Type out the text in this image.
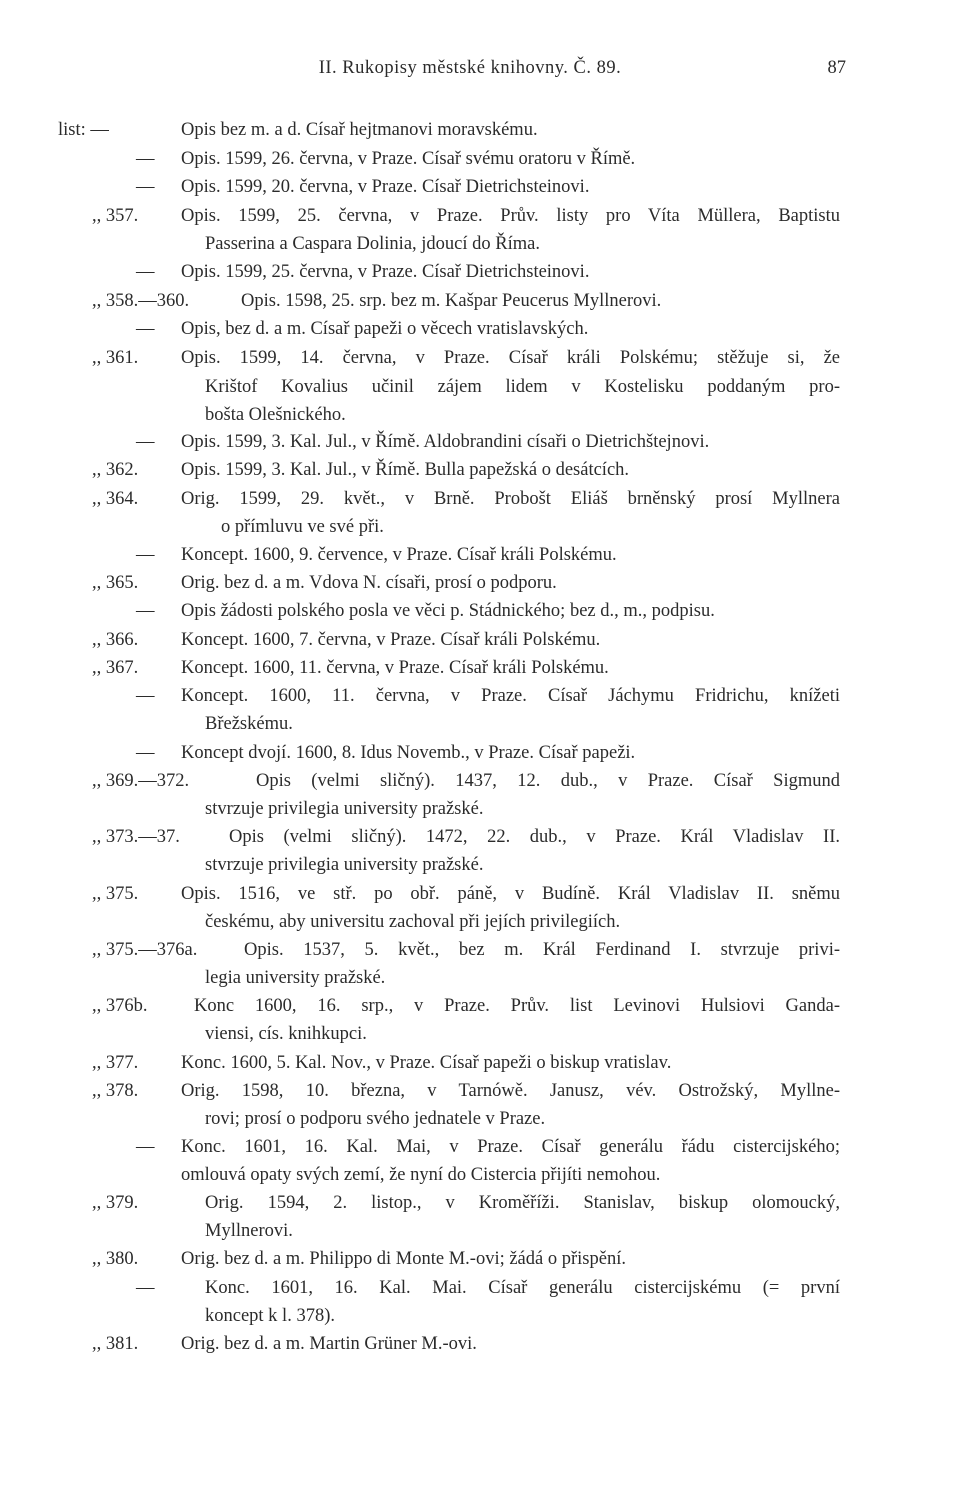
II. Rukopisy městské knihovny. Č. 89.	87
list: —	Opis bez m. a d. Císař hejtmanovi moravskému.
— Opis. 1599, 26. června, v Praze. Císař svému oratoru v Římě.
— Opis. 1599, 20. června, v Praze. Císař Dietrichsteinovi.
,, 357. Opis. 1599, 25. června, v Praze. Prův. listy pro Víta Müllera, Baptistu
Passerina a Caspara Dolinia, jdoucí do Říma.
— Opis. 1599, 25. června, v Praze. Císař Dietrichsteinovi.
,, 358.—360.	Opis. 1598, 25. srp. bez m. Kašpar Peucerus Myllnerovi.
— Opis, bez d. a m. Císař papeži o věcech vratislavských.
,, 361. Opis. 1599, 14. června, v Praze. Císař králi Polskému; stěžuje si, že
Krištof Kovalius učinil zájem lidem v Kostelisku poddaným pro-
bošta Olešnického.
— Opis. 1599, 3. Kal. Jul., v Římě. Aldobrandini císaři o Dietrichštejnovi.
,, 362. Opis. 1599, 3. Kal. Jul., v Římě. Bulla papežská o desátcích.
,, 364. Orig. 1599, 29. květ., v Brně. Probošt Eliáš brněnský prosí Myllnera
o přímluvu ve své při.
— Koncept. 1600, 9. července, v Praze. Císař králi Polskému.
,, 365. Orig. bez d. a m. Vdova N. císaři, prosí o podporu.
— Opis žádosti polského posla ve věci p. Stádnického; bez d., m., podpisu.
,, 366. Koncept. 1600, 7. června, v Praze. Císař králi Polskému.
,, 367. Koncept. 1600, 11. června, v Praze. Císař králi Polskému.
— Koncept. 1600, 11. června, v Praze. Císař Jáchymu Fridrichu, knížeti
Břežskému.
— Koncept dvojí. 1600, 8. Idus Novemb., v Praze. Císař papeži.
,, 369.—372.	Opis (velmi sličný). 1437, 12. dub., v Praze. Císař Sigmund
stvrzuje privilegia university pražské.
,, 373.—37.	Opis (velmi sličný). 1472, 22. dub., v Praze. Král Vladislav II.
stvrzuje privilegia university pražské.
,, 375. Opis. 1516, ve stř. po obř. páně, v Budíně. Král Vladislav II. sněmu
českému, aby universitu zachoval při jejích privilegiích.
,, 375.—376a.	Opis. 1537, 5. květ., bez m. Král Ferdinand I. stvrzuje privi-
legia university pražské.
,, 376b.	Konc 1600, 16. srp., v Praze. Prův. list Levinovi Hulsiovi Ganda-
viensi, cís. knihkupci.
,, 377. Konc. 1600, 5. Kal. Nov., v Praze. Císař papeži o biskup vratislav.
,, 378. Orig. 1598, 10. března, v Tarnówě. Janusz, vév. Ostrožský, Myllne-
rovi; prosí o podporu svého jednatele v Praze.
— Konc. 1601, 16. Kal. Mai, v Praze. Císař generálu řádu cistercijského;
omlouvá opaty svých zemí, že nyní do Cistercia přijíti nemohou.
,, 379.	Orig. 1594, 2. listop., v Kroměříži. Stanislav, biskup olomoucký,
Myllnerovi.
,, 380. Orig. bez d. a m. Philippo di Monte M.-ovi; žádá o přispění.
—	Konc. 1601, 16. Kal. Mai. Císař generálu cistercijskému (= první
koncept k l. 378).
,, 381. Orig. bez d. a m. Martin Grüner M.-ovi.
